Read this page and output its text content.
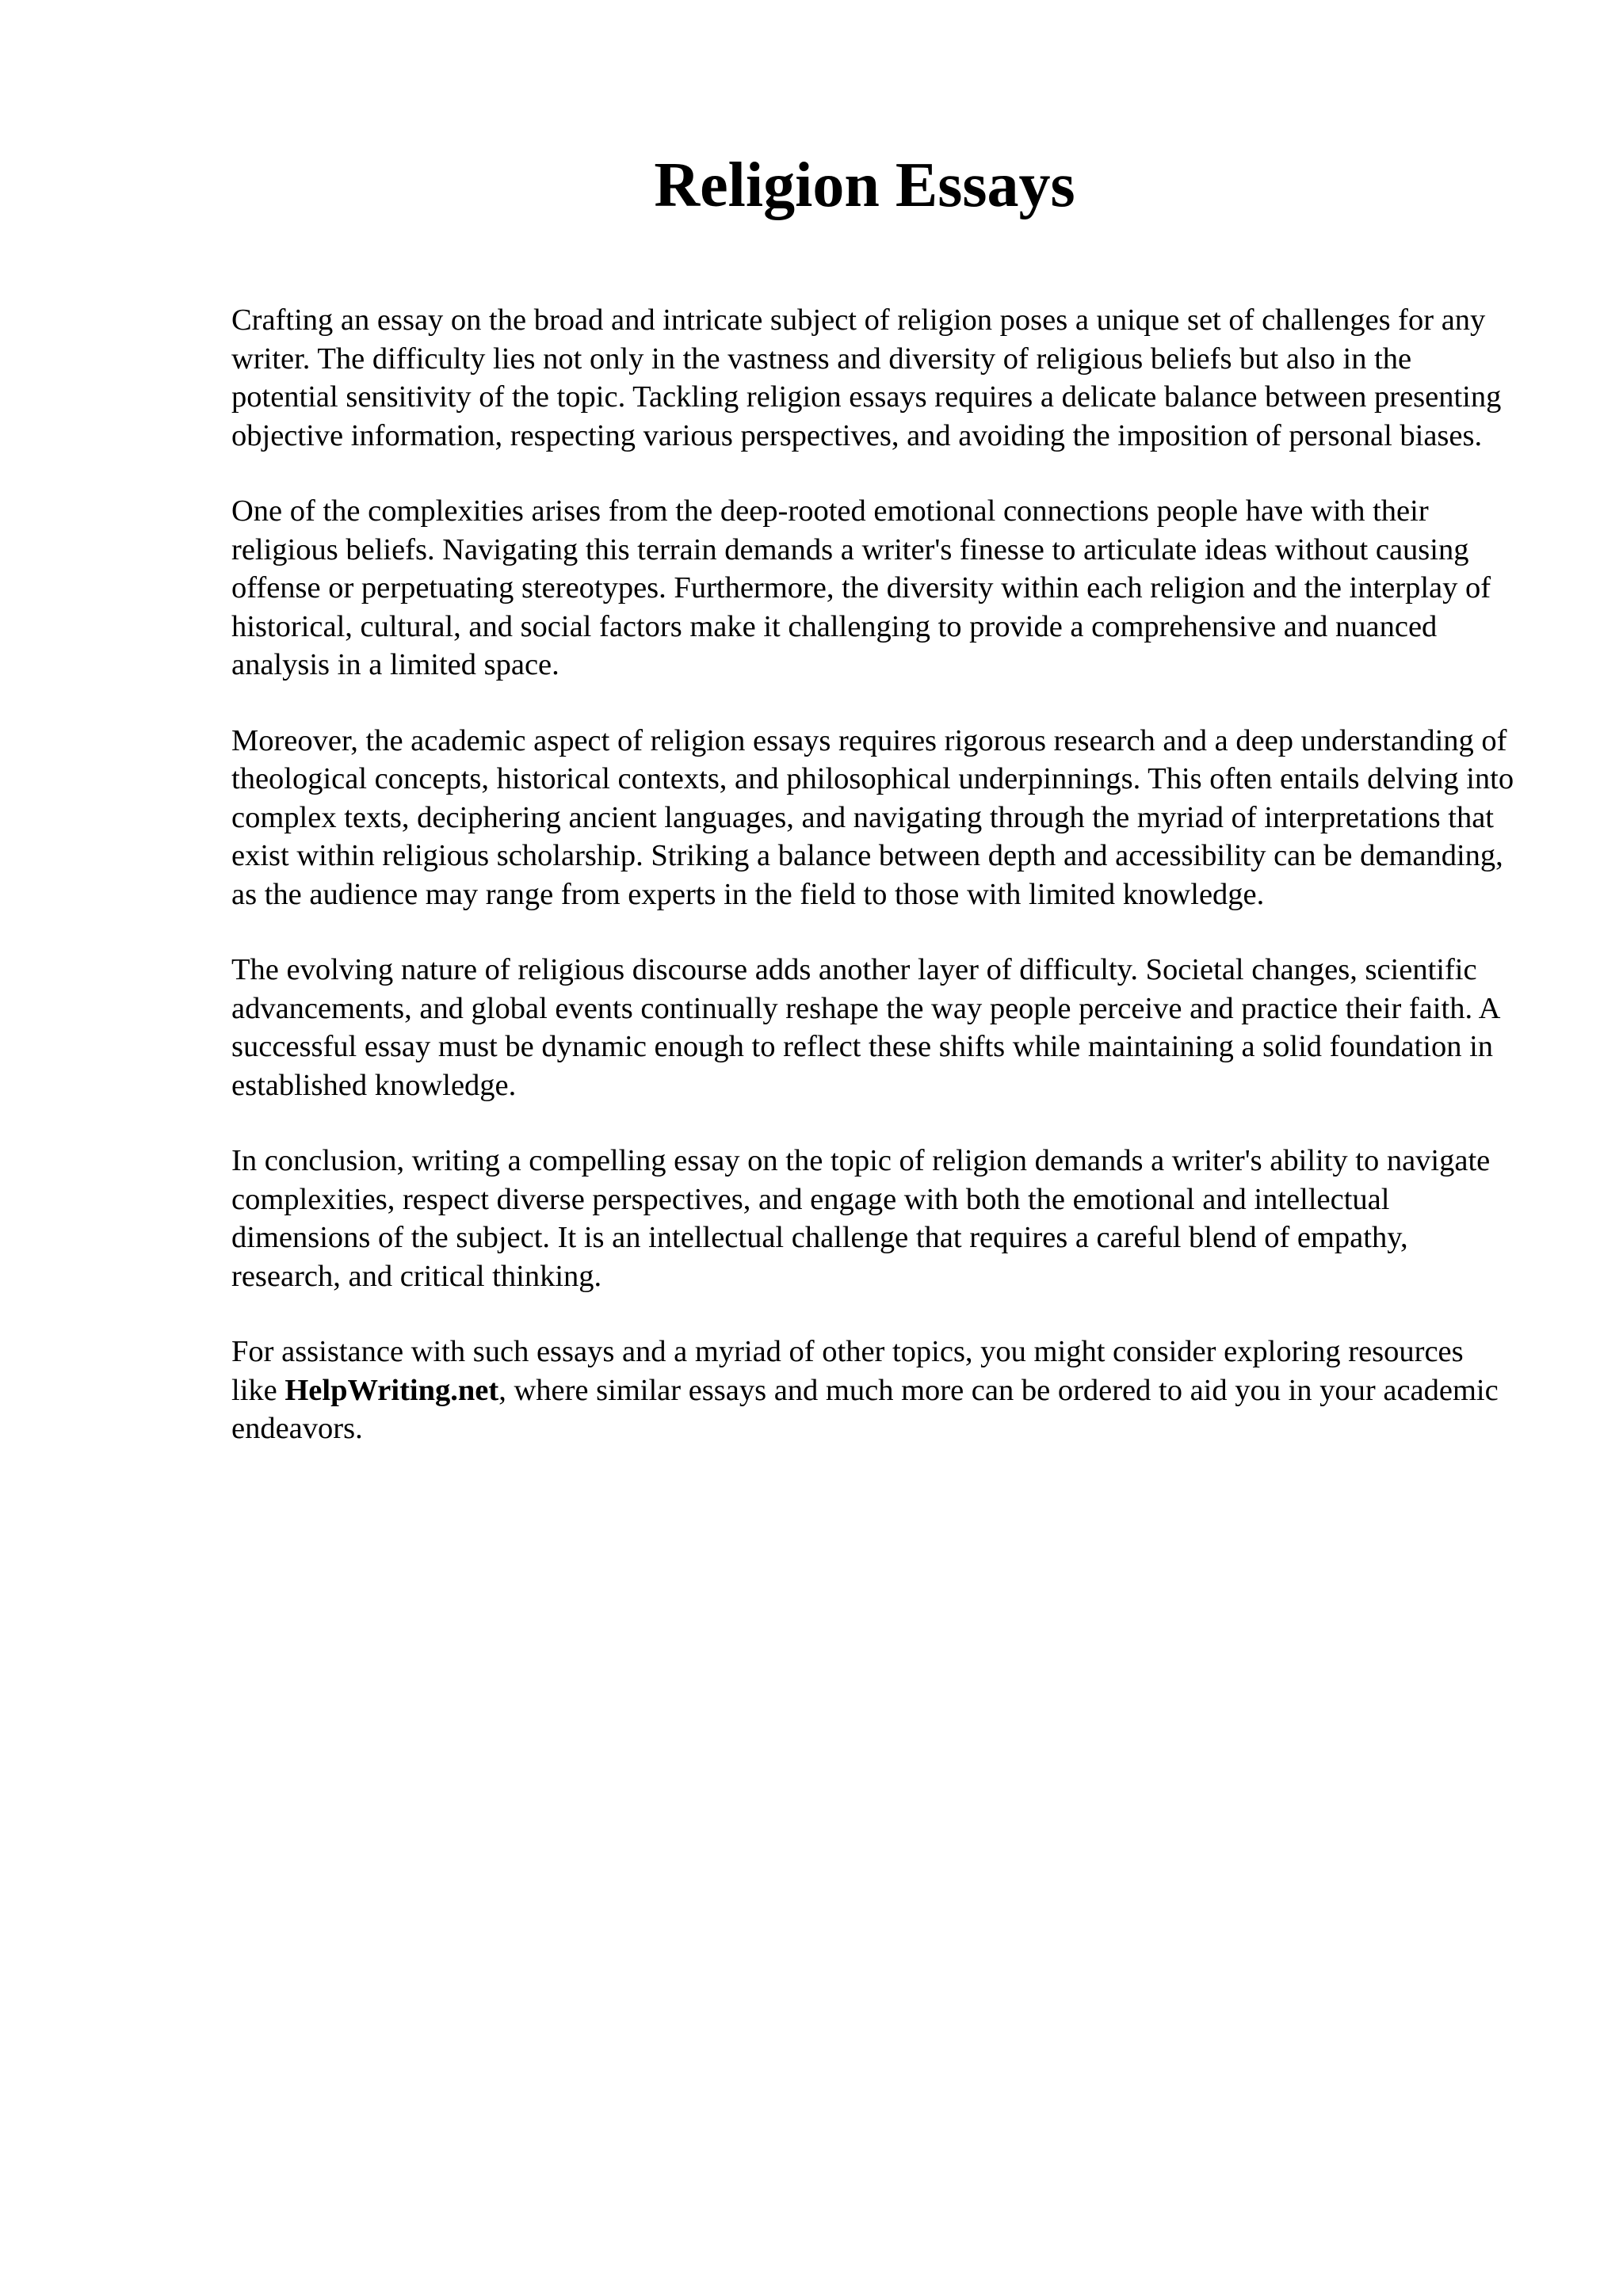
Religion Essays

Crafting an essay on the broad and intricate subject of religion poses a unique set of challenges for any writer. The difficulty lies not only in the vastness and diversity of religious beliefs but also in the potential sensitivity of the topic. Tackling religion essays requires a delicate balance between presenting objective information, respecting various perspectives, and avoiding the imposition of personal biases.

One of the complexities arises from the deep-rooted emotional connections people have with their religious beliefs. Navigating this terrain demands a writer's finesse to articulate ideas without causing offense or perpetuating stereotypes. Furthermore, the diversity within each religion and the interplay of historical, cultural, and social factors make it challenging to provide a comprehensive and nuanced analysis in a limited space.

Moreover, the academic aspect of religion essays requires rigorous research and a deep understanding of theological concepts, historical contexts, and philosophical underpinnings. This often entails delving into complex texts, deciphering ancient languages, and navigating through the myriad of interpretations that exist within religious scholarship. Striking a balance between depth and accessibility can be demanding, as the audience may range from experts in the field to those with limited knowledge.

The evolving nature of religious discourse adds another layer of difficulty. Societal changes, scientific advancements, and global events continually reshape the way people perceive and practice their faith. A successful essay must be dynamic enough to reflect these shifts while maintaining a solid foundation in established knowledge.

In conclusion, writing a compelling essay on the topic of religion demands a writer's ability to navigate complexities, respect diverse perspectives, and engage with both the emotional and intellectual dimensions of the subject. It is an intellectual challenge that requires a careful blend of empathy, research, and critical thinking.

For assistance with such essays and a myriad of other topics, you might consider exploring resources like HelpWriting.net, where similar essays and much more can be ordered to aid you in your academic endeavors.
